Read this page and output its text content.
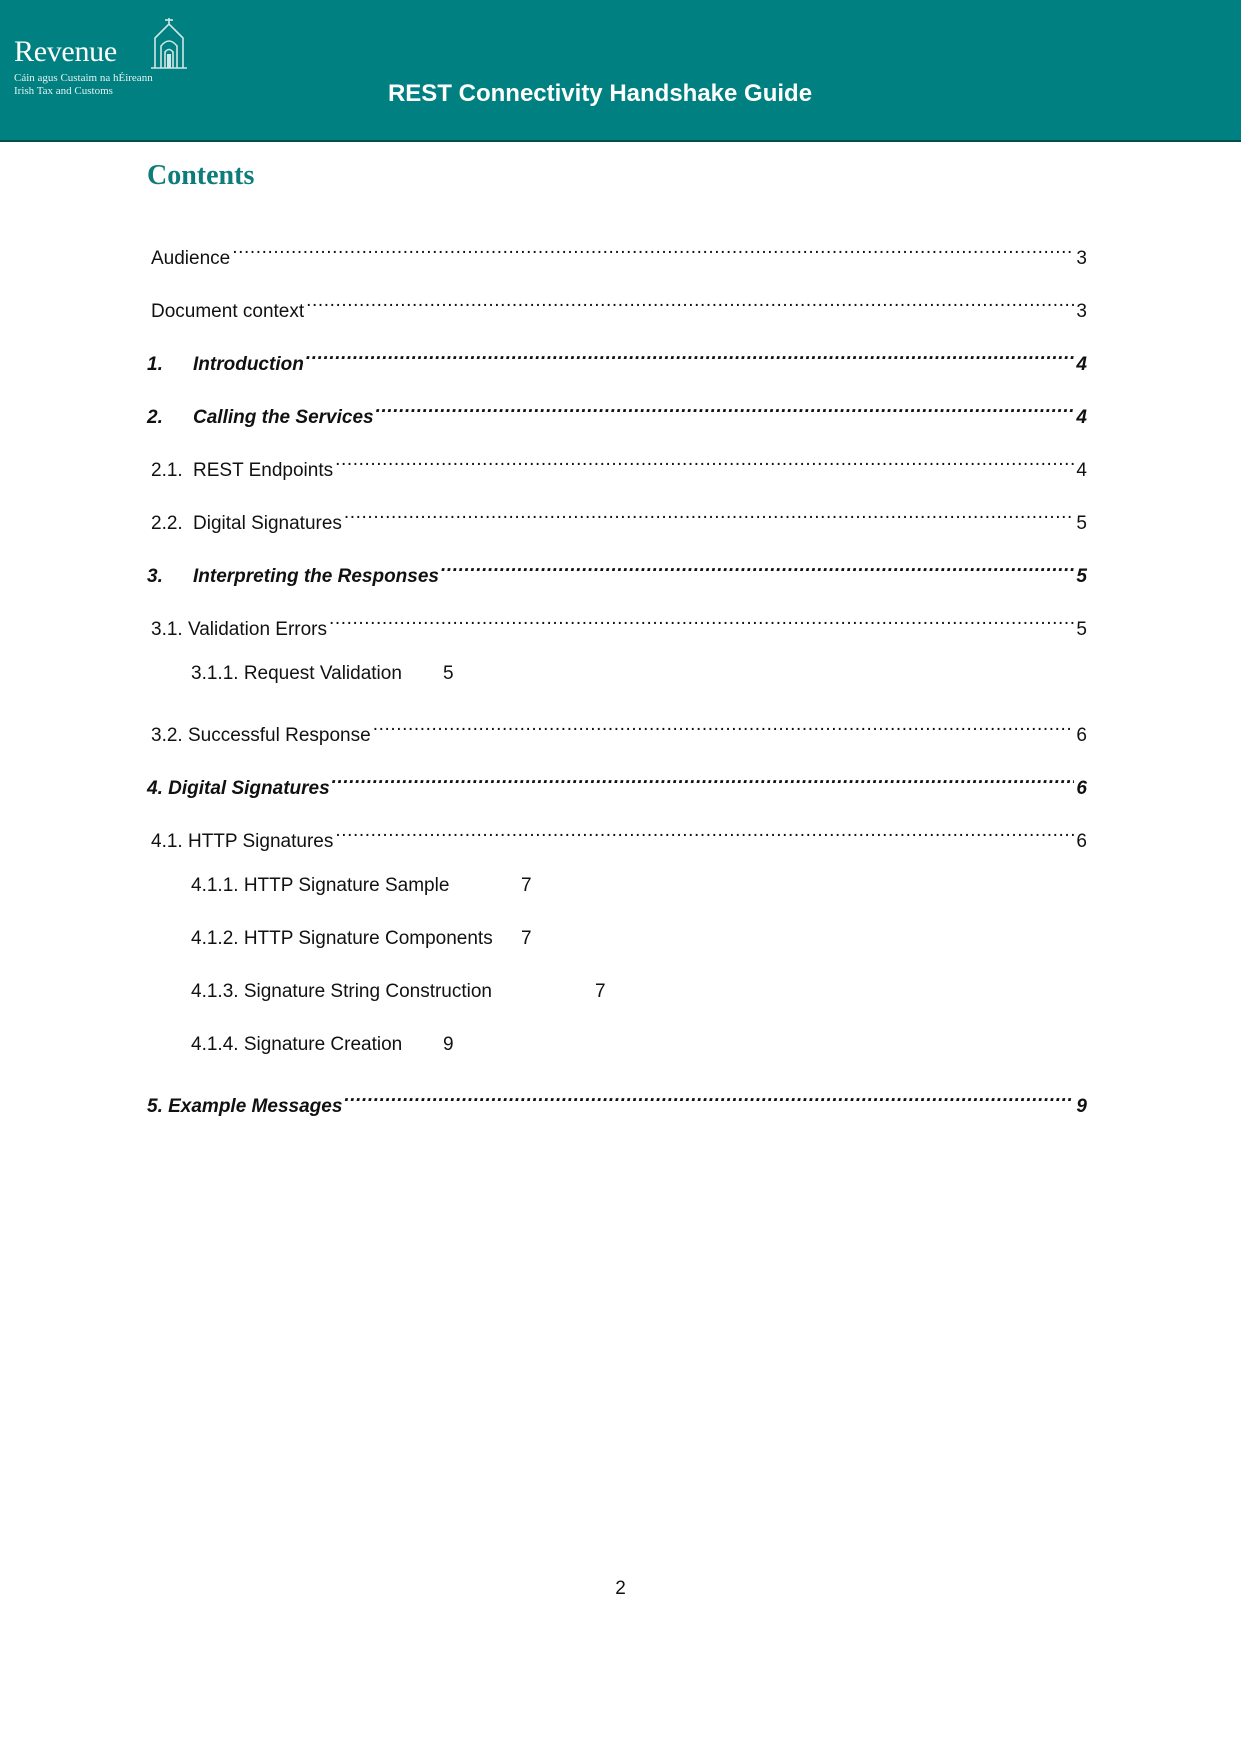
Revenue
Cáin agus Custaim na hÉireann
Irish Tax and Customs	REST Connectivity Handshake Guide
Contents
Audience .....	3
Document context .....	3
1.	Introduction .....	4
2.	Calling the Services .....	4
2.1. REST Endpoints .....	4
2.2. Digital Signatures .....	5
3.	Interpreting the Responses .....	5
3.1. Validation Errors .....	5
3.1.1. Request Validation 5
3.2. Successful Response .....	6
4. Digital Signatures .....	6
4.1. HTTP Signatures .....	6
4.1.1. HTTP Signature Sample	7
4.1.2. HTTP Signature Components 7
4.1.3. Signature String Construction	7
4.1.4. Signature Creation 9
5. Example Messages .....	9
2
